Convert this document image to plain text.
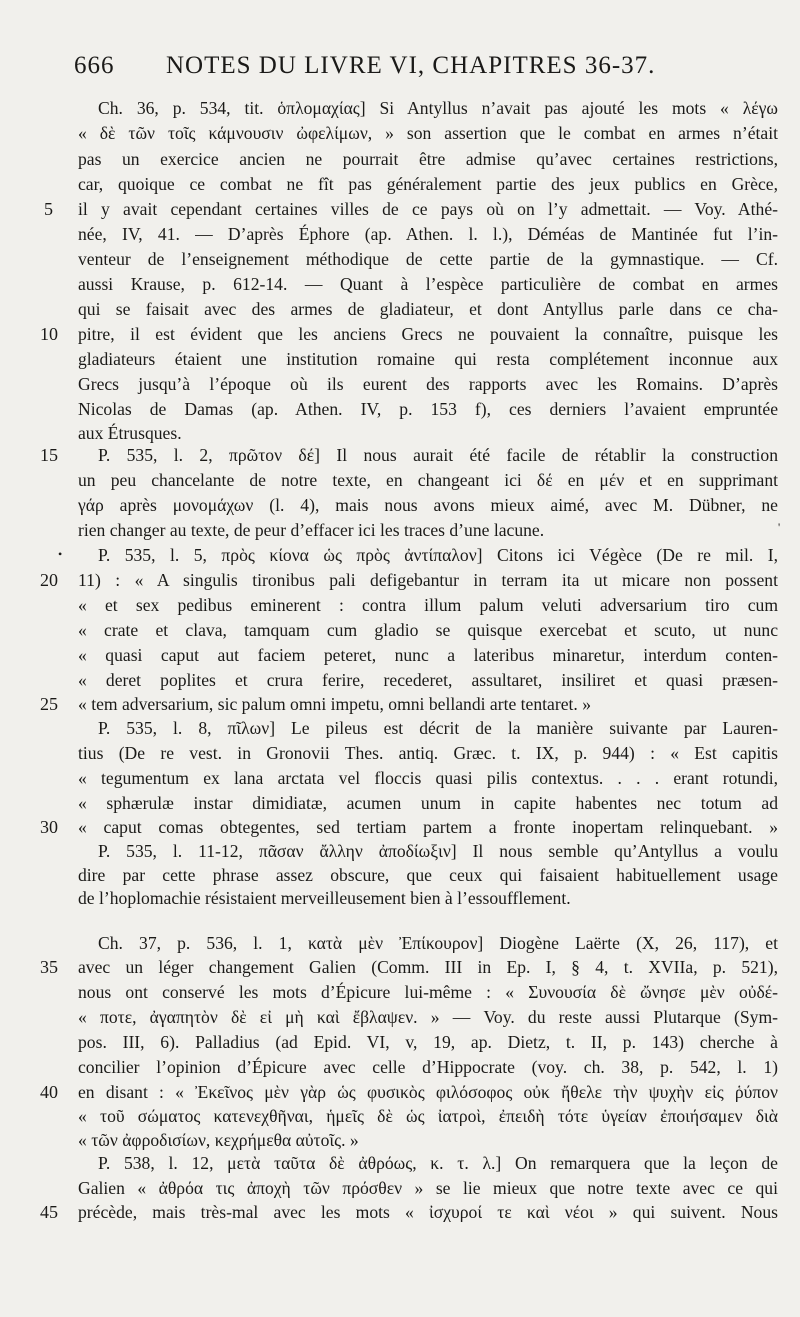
666 NOTES DU LIVRE VI, CHAPITRES 36-37.
Ch. 36, p. 534, tit. ὁπλομαχίας] Si Antyllus n’avait pas ajouté les mots « λέγω
« δὲ τῶν τοῖς κάμνουσιν ὠφελίμων, » son assertion que le combat en armes n’était
pas un exercice ancien ne pourrait être admise qu’avec certaines restrictions,
car, quoique ce combat ne fît pas généralement partie des jeux publics en Grèce,
il y avait cependant certaines villes de ce pays où on l’y admettait. — Voy. Athé-
née, IV, 41. — D’après Éphore (ap. Athen. l. l.), Déméas de Mantinée fut l’in-
venteur de l’enseignement méthodique de cette partie de la gymnastique. — Cf.
aussi Krause, p. 612-14. — Quant à l’espèce particulière de combat en armes
qui se faisait avec des armes de gladiateur, et dont Antyllus parle dans ce cha-
pitre, il est évident que les anciens Grecs ne pouvaient la connaître, puisque les
gladiateurs étaient une institution romaine qui resta complétement inconnue aux
Grecs jusqu’à l’époque où ils eurent des rapports avec les Romains. D’après
Nicolas de Damas (ap. Athen. IV, p. 153 f), ces derniers l’avaient empruntée
aux Étrusques.
P. 535, l. 2, πρῶτον δέ] Il nous aurait été facile de rétablir la construction
un peu chancelante de notre texte, en changeant ici δέ en μέν et en supprimant
γάρ après μονομάχων (l. 4), mais nous avons mieux aimé, avec M. Dübner, ne
rien changer au texte, de peur d’effacer ici les traces d’une lacune.
P. 535, l. 5, πρὸς κίονα ὡς πρὸς ἀντίπαλον] Citons ici Végèce (De re mil. I,
11) : « A singulis tironibus pali defigebantur in terram ita ut micare non possent
« et sex pedibus eminerent : contra illum palum veluti adversarium tiro cum
« crate et clava, tamquam cum gladio se quisque exercebat et scuto, ut nunc
« quasi caput aut faciem peteret, nunc a lateribus minaretur, interdum conten-
« deret poplites et crura ferire, recederet, assultaret, insiliret et quasi præsen-
« tem adversarium, sic palum omni impetu, omni bellandi arte tentaret. »
P. 535, l. 8, πῖλων] Le pileus est décrit de la manière suivante par Lauren-
tius (De re vest. in Gronovii Thes. antiq. Græc. t. IX, p. 944) : « Est capitis
« tegumentum ex lana arctata vel floccis quasi pilis contextus. . . . erant rotundi,
« sphærulæ instar dimidiatæ, acumen unum in capite habentes nec totum ad
« caput comas obtegentes, sed tertiam partem a fronte inopertam relinquebant. »
P. 535, l. 11-12, πᾶσαν ἄλλην ἀποδίωξιν] Il nous semble qu’Antyllus a voulu
dire par cette phrase assez obscure, que ceux qui faisaient habituellement usage
de l’hoplomachie résistaient merveilleusement bien à l’essoufflement.
Ch. 37, p. 536, l. 1, κατὰ μὲν Ἐπίκουρον] Diogène Laërte (X, 26, 117), et
avec un léger changement Galien (Comm. III in Ep. I, § 4, t. XVIIa, p. 521),
nous ont conservé les mots d’Épicure lui-même : « Συνουσία δὲ ὤνησε μὲν οὐδέ-
« ποτε, ἀγαπητὸν δὲ εἰ μὴ καὶ ἔβλαψεν. » — Voy. du reste aussi Plutarque (Sym-
pos. III, 6). Palladius (ad Epid. VI, v, 19, ap. Dietz, t. II, p. 143) cherche à
concilier l’opinion d’Épicure avec celle d’Hippocrate (voy. ch. 38, p. 542, l. 1)
en disant : « Ἐκεῖνος μὲν γὰρ ὡς φυσικὸς φιλόσοφος οὐκ ἤθελε τὴν ψυχὴν εἰς ῥύπον
« τοῦ σώματος κατενεχθῆναι, ἡμεῖς δὲ ὡς ἰατροὶ, ἐπειδὴ τότε ὑγείαν ἐποιήσαμεν διὰ
« τῶν ἀφροδισίων, κεχρήμεθα αὐτοῖς. »
P. 538, l. 12, μετὰ ταῦτα δὲ ἀθρόως, κ. τ. λ.] On remarquera que la leçon de
Galien « ἀθρόα τις ἀποχὴ τῶν πρόσθεν » se lie mieux que notre texte avec ce qui
précède, mais très-mal avec les mots « ἰσχυροί τε καὶ νέοι » qui suivent. Nous
5
10
15
20
25
30
35
40
45
•
'
